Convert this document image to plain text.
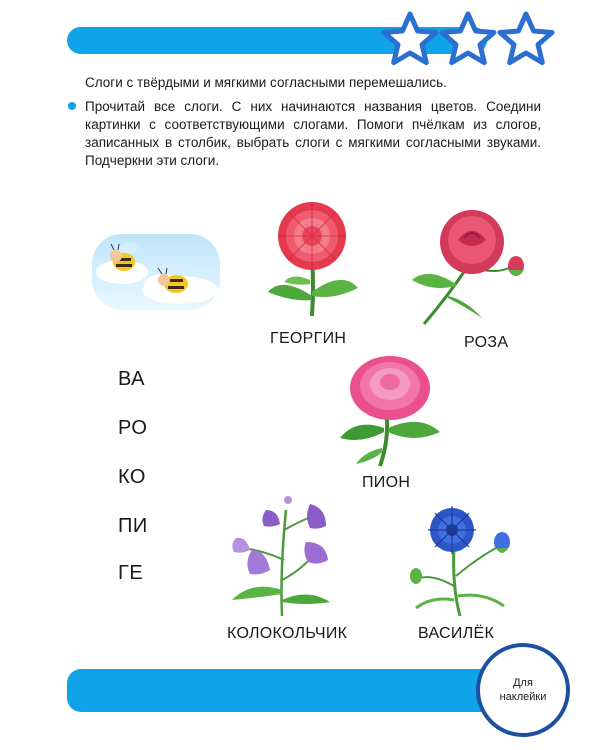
Слоги с твёрдыми и мягкими согласными перемешались.

Прочитай все слоги. С них начинаются названия цветов. Соедини картинки с соответствующими слогами. Помоги пчёлкам из слогов, записанных в столбик, выбрать слоги с мягкими согласными звуками. Подчеркни эти слоги.

ВА
РО
КО
ПИ
ГЕ
ГЕОРГИН	РОЗА
ПИОН
КОЛОКОЛЬЧИК	ВАСИЛЁК
Для
наклейки
